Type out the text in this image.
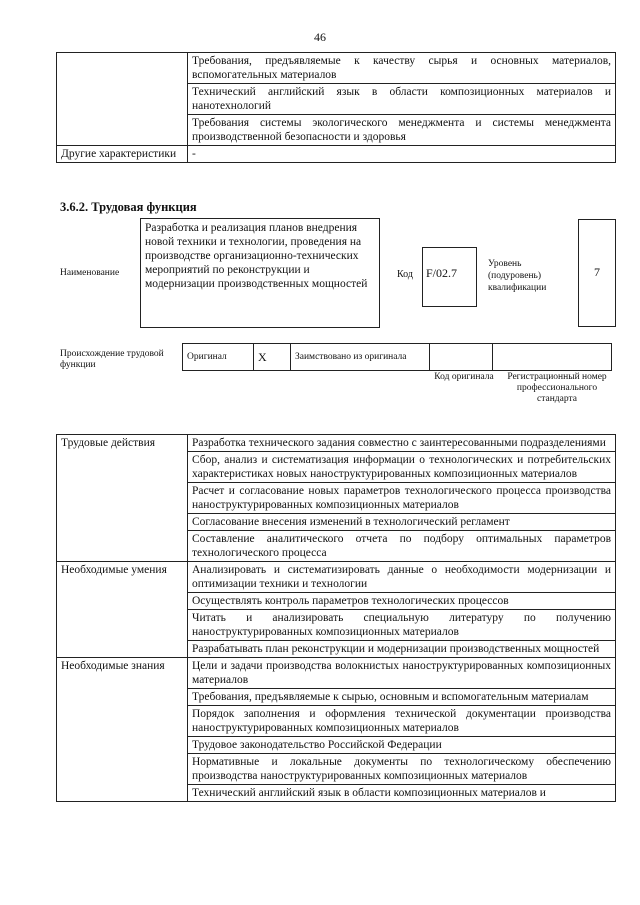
46
	Требования, предъявляемые к качеству сырья и основных материалов, вспомогательных материалов
	Технический английский язык в области композиционных материалов и нанотехнологий
	Требования системы экологического менеджмента и системы менеджмента производственной безопасности и здоровья
Другие характеристики	-
3.6.2. Трудовая функция
Наименование
Разработка и реализация планов внедрения новой техники и технологии, проведения на производстве организационно-технических мероприятий по реконструкции и модернизации производственных мощностей
Код	F/02.7
Уровень (подуровень) квалификации
7
Происхождение трудовой функции
Оригинал	X	Заимствовано из оригинала		
Код оригинала	Регистрационный номер профессионального стандарта
Трудовые действия	Разработка технического задания совместно с заинтересованными подразделениями
	Сбор, анализ и систематизация информации о технологических и потребительских характеристиках новых наноструктурированных композиционных материалов
	Расчет и согласование новых параметров технологического процесса производства наноструктурированных композиционных материалов
	Согласование внесения изменений в технологический регламент
	Составление аналитического отчета по подбору оптимальных параметров технологического процесса
Необходимые умения	Анализировать и систематизировать данные о необходимости модернизации и оптимизации техники и технологии
	Осуществлять контроль параметров технологических процессов
	Читать и анализировать специальную литературу по получению наноструктурированных композиционных материалов
	Разрабатывать план реконструкции и модернизации производственных мощностей
Необходимые знания	Цели и задачи производства волокнистых наноструктурированных композиционных материалов
	Требования, предъявляемые к сырью, основным и вспомогательным материалам
	Порядок заполнения и оформления технической документации производства наноструктурированных композиционных материалов
	Трудовое законодательство Российской Федерации
	Нормативные и локальные документы по технологическому обеспечению производства наноструктурированных композиционных материалов
	Технический английский язык в области композиционных материалов и
